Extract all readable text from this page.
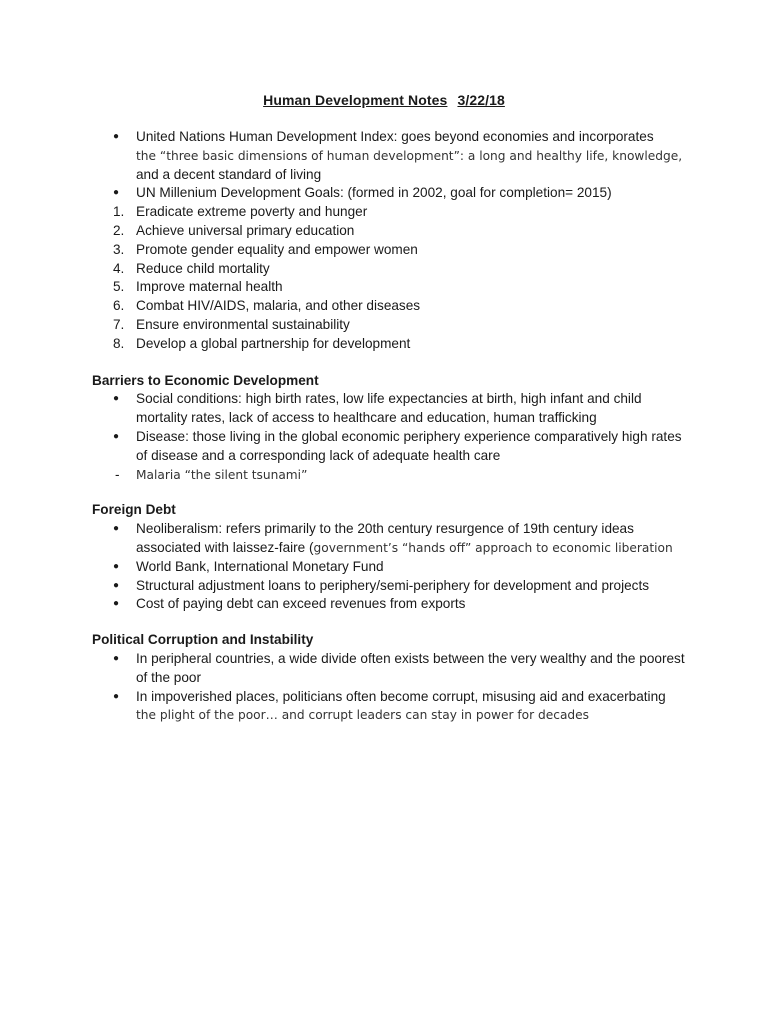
Human Development Notes 3/22/18
● United Nations Human Development Index: goes beyond economies and incorporates
the “three basic dimensions of human development”: a long and healthy life, knowledge,
and a decent standard of living
● UN Millenium Development Goals: (formed in 2002, goal for completion= 2015)
1. Eradicate extreme poverty and hunger
2. Achieve universal primary education
3. Promote gender equality and empower women
4. Reduce child mortality
5. Improve maternal health
6. Combat HIV/AIDS, malaria, and other diseases
7. Ensure environmental sustainability
8. Develop a global partnership for development
Barriers to Economic Development
● Social conditions: high birth rates, low life expectancies at birth, high infant and child mortality rates, lack of access to healthcare and education, human trafficking
● Disease: those living in the global economic periphery experience comparatively high rates of disease and a corresponding lack of adequate health care
- Malaria “the silent tsunami”
Foreign Debt
● Neoliberalism: refers primarily to the 20th century resurgence of 19th century ideas
associated with laissez-faire (government’s “hands off” approach to economic liberation
● World Bank, International Monetary Fund
● Structural adjustment loans to periphery/semi-periphery for development and projects
● Cost of paying debt can exceed revenues from exports
Political Corruption and Instability
● In peripheral countries, a wide divide often exists between the very wealthy and the poorest of the poor
● In impoverished places, politicians often become corrupt, misusing aid and exacerbating
the plight of the poor… and corrupt leaders can stay in power for decades
